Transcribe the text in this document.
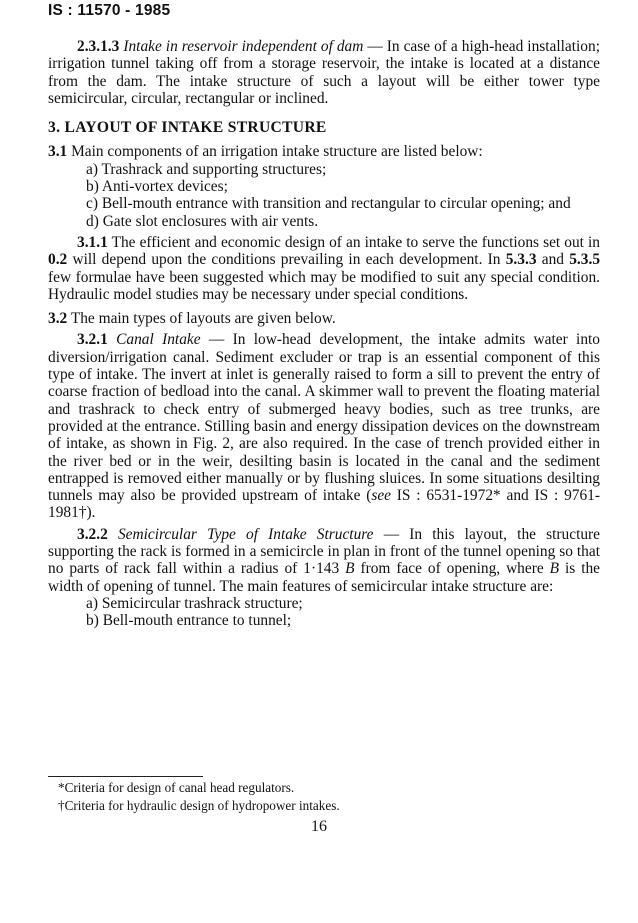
IS : 11570 - 1985

2.3.1.3 Intake in reservoir independent of dam — In case of a high-head installation; irrigation tunnel taking off from a storage reservoir, the intake is located at a distance from the dam. The intake structure of such a layout will be either tower type semicircular, circular, rectangular or inclined.

3. LAYOUT OF INTAKE STRUCTURE

3.1 Main components of an irrigation intake structure are listed below:

a) Trashrack and supporting structures;

b) Anti-vortex devices;

c) Bell-mouth entrance with transition and rectangular to circular opening; and

d) Gate slot enclosures with air vents.

3.1.1 The efficient and economic design of an intake to serve the functions set out in 0.2 will depend upon the conditions prevailing in each development. In 5.3.3 and 5.3.5 few formulae have been suggested which may be modified to suit any special condition. Hydraulic model studies may be necessary under special conditions.

3.2 The main types of layouts are given below.

3.2.1 Canal Intake — In low-head development, the intake admits water into diversion/irrigation canal. Sediment excluder or trap is an essential component of this type of intake. The invert at inlet is generally raised to form a sill to prevent the entry of coarse fraction of bedload into the canal. A skimmer wall to prevent the floating material and trashrack to check entry of submerged heavy bodies, such as tree trunks, are provided at the entrance. Stilling basin and energy dissipation devices on the downstream of intake, as shown in Fig. 2, are also required. In the case of trench provided either in the river bed or in the weir, desilting basin is located in the canal and the sediment entrapped is removed either manually or by flushing sluices. In some situations desilting tunnels may also be provided upstream of intake (see IS : 6531-1972* and IS : 9761-1981†).

3.2.2 Semicircular Type of Intake Structure — In this layout, the structure supporting the rack is formed in a semicircle in plan in front of the tunnel opening so that no parts of rack fall within a radius of 1·143 B from face of opening, where B is the width of opening of tunnel. The main features of semicircular intake structure are:

a) Semicircular trashrack structure;

b) Bell-mouth entrance to tunnel;

*Criteria for design of canal head regulators.

†Criteria for hydraulic design of hydropower intakes.

16
